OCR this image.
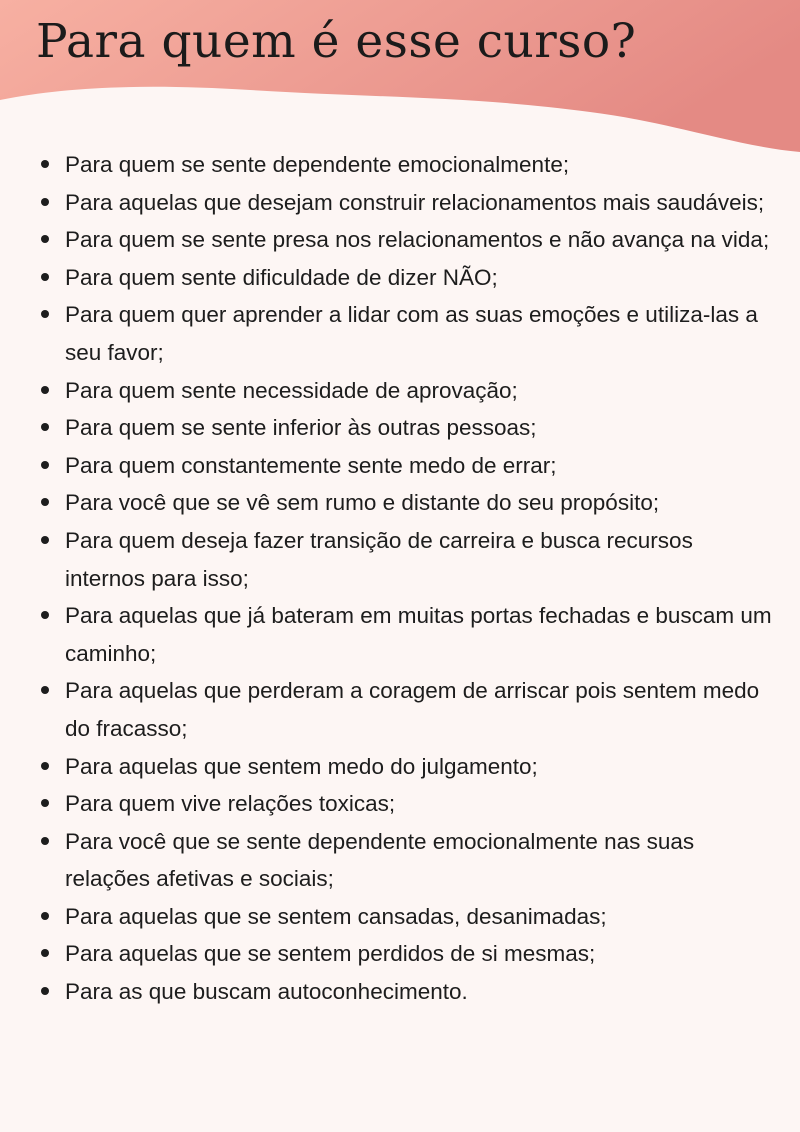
Para quem é esse curso?
Para quem se sente dependente emocionalmente;
Para aquelas que desejam construir relacionamentos mais saudáveis;
Para quem se sente presa nos relacionamentos e não avança na vida;
Para quem sente dificuldade de dizer NÃO;
Para quem quer aprender a lidar com as suas emoções e utiliza-las a seu favor;
Para quem sente necessidade de aprovação;
Para quem se sente inferior às outras pessoas;
Para quem constantemente sente medo de errar;
Para você que se vê sem rumo e distante do seu propósito;
Para quem deseja fazer transição de carreira e busca recursos internos para isso;
Para aquelas que já bateram em muitas portas fechadas e buscam um caminho;
Para aquelas que perderam a coragem de arriscar pois sentem medo do fracasso;
Para aquelas que sentem medo do julgamento;
Para quem vive relações toxicas;
Para você que se sente dependente emocionalmente nas suas relações afetivas e sociais;
Para aquelas que se sentem cansadas, desanimadas;
Para aquelas que se sentem perdidos de si mesmas;
Para as que buscam autoconhecimento.
